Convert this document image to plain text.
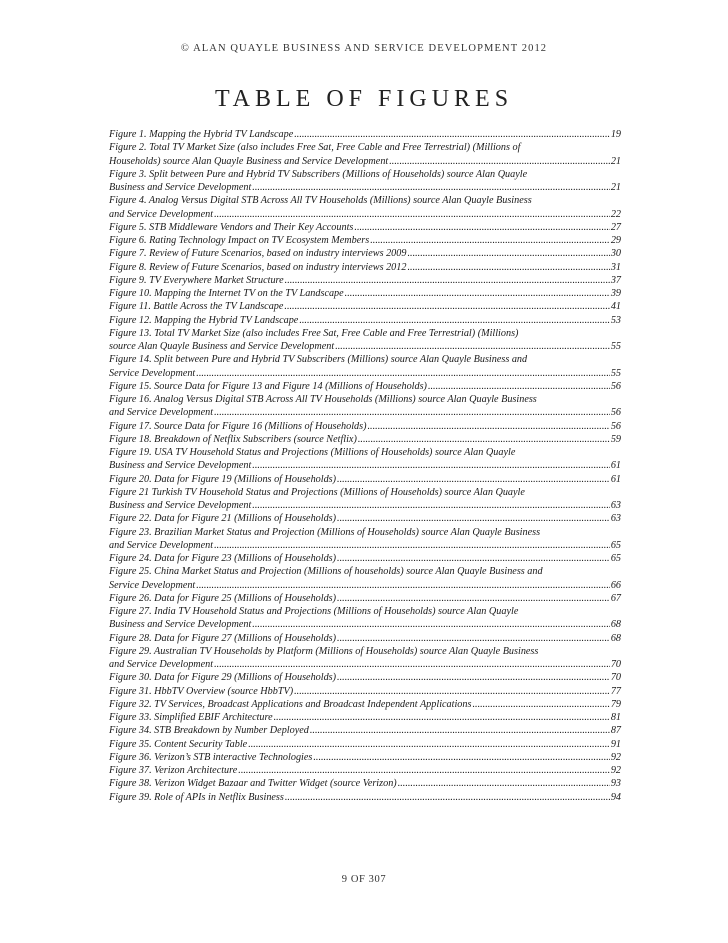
© ALAN QUAYLE BUSINESS AND SERVICE DEVELOPMENT 2012
TABLE OF FIGURES
Figure 1. Mapping the Hybrid TV Landscape .....	19
Figure 2. Total TV Market Size (also includes Free Sat, Free Cable and Free Terrestrial) (Millions of
Households) source Alan Quayle Business and Service Development .....	21
Figure 3. Split between Pure and Hybrid TV Subscribers (Millions of Households) source Alan Quayle
Business and Service Development .....	21
Figure 4. Analog Versus Digital STB Across All TV Households (Millions) source Alan Quayle Business
and Service Development .....	22
Figure 5. STB Middleware Vendors and Their Key Accounts .....	27
Figure 6. Rating Technology Impact on TV Ecosystem Members .....	29
Figure 7. Review of Future Scenarios, based on industry interviews 2009 .....	30
Figure 8. Review of Future Scenarios, based on industry interviews 2012 .....	31
Figure 9. TV Everywhere Market Structure .....	37
Figure 10. Mapping the Internet TV on the TV Landscape .....	39
Figure 11. Battle Across the TV Landscape .....	41
Figure 12. Mapping the Hybrid TV Landscape .....	53
Figure 13. Total TV Market Size (also includes Free Sat, Free Cable and Free Terrestrial) (Millions)
source Alan Quayle Business and Service Development .....	55
Figure 14. Split between Pure and Hybrid TV Subscribers (Millions) source Alan Quayle Business and
Service Development .....	55
Figure 15. Source Data for Figure 13 and Figure 14 (Millions of Households) .....	56
Figure 16. Analog Versus Digital STB Across All TV Households (Millions) source Alan Quayle Business
and Service Development .....	56
Figure 17. Source Data for Figure 16 (Millions of Households) .....	56
Figure 18. Breakdown of Netflix Subscribers (source Netflix) .....	59
Figure 19. USA TV Household Status and Projections (Millions of Households) source Alan Quayle
Business and Service Development .....	61
Figure 20. Data for Figure 19 (Millions of Households) .....	61
Figure 21 Turkish TV Household Status and Projections (Millions of Households) source Alan Quayle
Business and Service Development .....	63
Figure 22. Data for Figure 21 (Millions of Households) .....	63
Figure 23. Brazilian Market Status and Projection (Millions of Households) source Alan Quayle Business
and Service Development .....	65
Figure 24. Data for Figure 23 (Millions of Households) .....	65
Figure 25. China Market Status and Projection (Millions of households) source Alan Quayle Business and
Service Development .....	66
Figure 26. Data for Figure 25 (Millions of Households) .....	67
Figure 27. India TV Household Status and Projections (Millions of Households) source Alan Quayle
Business and Service Development .....	68
Figure 28. Data for Figure 27 (Millions of Households) .....	68
Figure 29. Australian TV Households by Platform (Millions of Households) source Alan Quayle Business
and Service Development .....	70
Figure 30. Data for Figure 29 (Millions of Households) .....	70
Figure 31. HbbTV Overview (source HbbTV) .....	77
Figure 32. TV Services, Broadcast Applications and Broadcast Independent Applications .....	79
Figure 33. Simplified EBIF Architecture .....	81
Figure 34. STB Breakdown by Number Deployed .....	87
Figure 35. Content Security Table .....	91
Figure 36. Verizon’s STB interactive Technologies .....	92
Figure 37. Verizon Architecture .....	92
Figure 38. Verizon Widget Bazaar and Twitter Widget (source Verizon) .....	93
Figure 39. Role of APIs in Netflix Business .....	94
9 OF 307
